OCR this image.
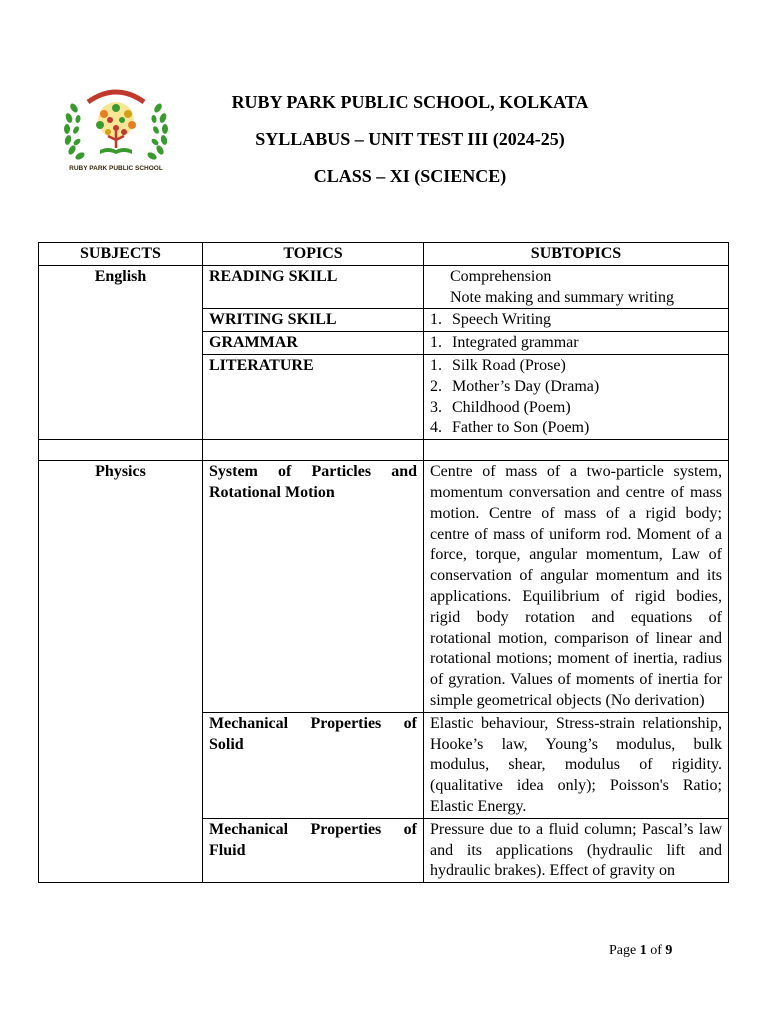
RUBY PARK PUBLIC SCHOOL
RUBY PARK PUBLIC SCHOOL, KOLKATA
SYLLABUS – UNIT TEST III (2024-25)
CLASS – XI (SCIENCE)
SUBJECTS	TOPICS	SUBTOPICS
English	READING SKILL	Comprehension
Note making and summary writing

	WRITING SKILL	1. Speech Writing

	GRAMMAR	1. Integrated grammar

	LITERATURE	1. Silk Road (Prose)
2. Mother’s Day (Drama)
3. Childhood (Poem)
4. Father to Son (Poem)

Physics	System of Particles and Rotational Motion	Centre of mass of a two-particle system, momentum conversation and centre of mass motion. Centre of mass of a rigid body; centre of mass of uniform rod. Moment of a force, torque, angular momentum, Law of conservation of angular momentum and its applications. Equilibrium of rigid bodies, rigid body rotation and equations of rotational motion, comparison of linear and rotational motions; moment of inertia, radius of gyration. Values of moments of inertia for simple geometrical objects (No derivation)
	Mechanical Properties of Solid	Elastic behaviour, Stress-strain relationship, Hooke’s law, Young’s modulus, bulk modulus, shear, modulus of rigidity. (qualitative idea only); Poisson's Ratio; Elastic Energy.
	Mechanical Properties of Fluid	Pressure due to a fluid column; Pascal’s law and its applications (hydraulic lift and hydraulic brakes). Effect of gravity on
Page 1 of 9
